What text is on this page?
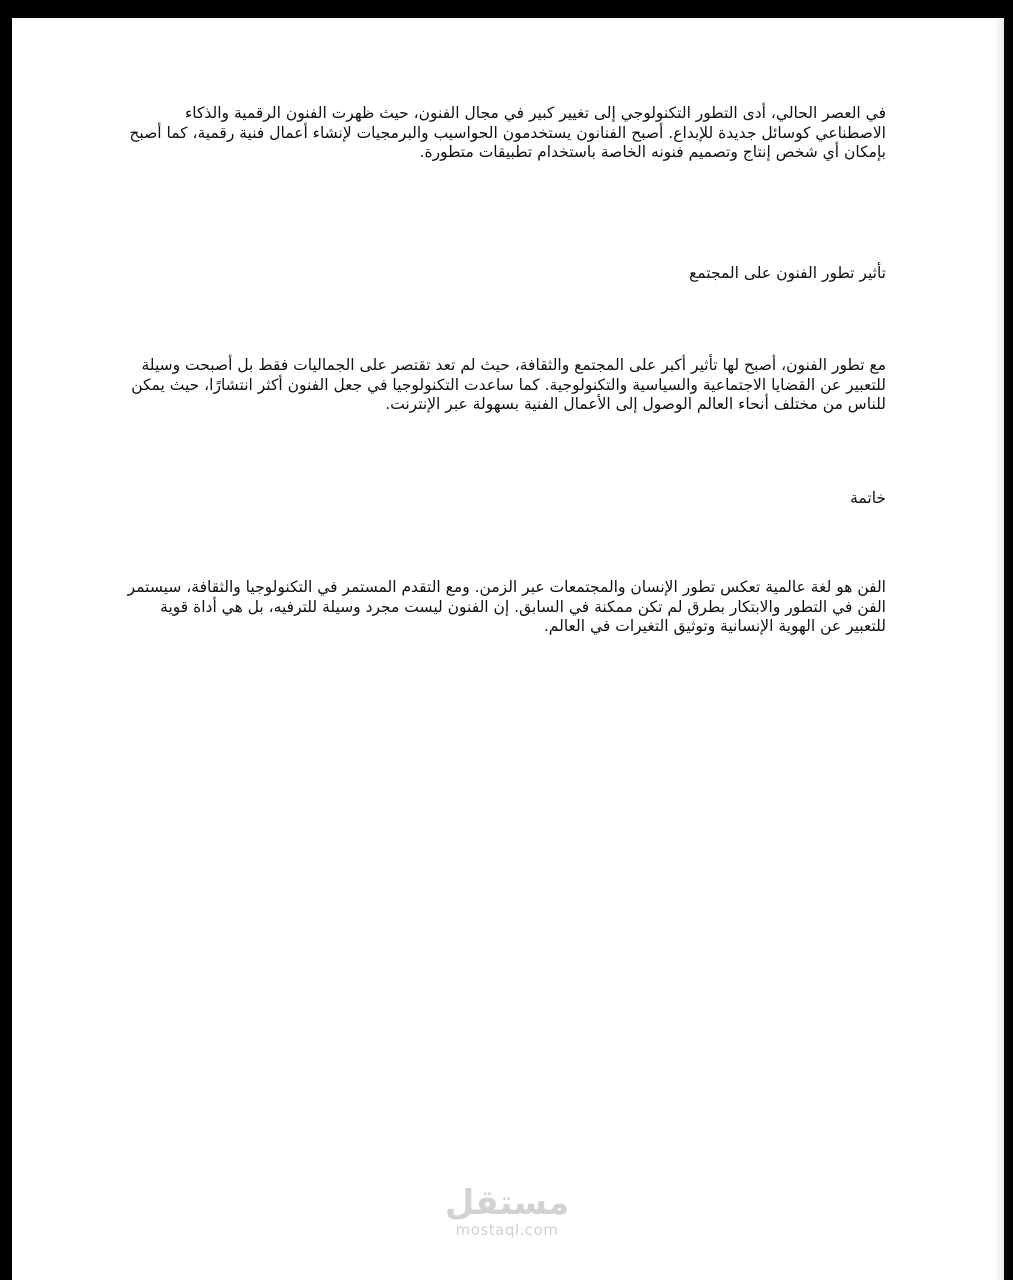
في العصر الحالي، أدى التطور التكنولوجي إلى تغيير كبير في مجال الفنون، حيث ظهرت الفنون الرقمية والذكاء الاصطناعي كوسائل جديدة للإبداع. أصبح الفنانون يستخدمون الحواسيب والبرمجيات لإنشاء أعمال فنية رقمية، كما أصبح بإمكان أي شخص إنتاج وتصميم فنونه الخاصة باستخدام تطبيقات متطورة.

تأثير تطور الفنون على المجتمع

مع تطور الفنون، أصبح لها تأثير أكبر على المجتمع والثقافة، حيث لم تعد تقتصر على الجماليات فقط بل أصبحت وسيلة للتعبير عن القضايا الاجتماعية والسياسية والتكنولوجية. كما ساعدت التكنولوجيا في جعل الفنون أكثر انتشارًا، حيث يمكن للناس من مختلف أنحاء العالم الوصول إلى الأعمال الفنية بسهولة عبر الإنترنت.

خاتمة

الفن هو لغة عالمية تعكس تطور الإنسان والمجتمعات عبر الزمن. ومع التقدم المستمر في التكنولوجيا والثقافة، سيستمر الفن في التطور والابتكار بطرق لم تكن ممكنة في السابق. إن الفنون ليست مجرد وسيلة للترفيه، بل هي أداة قوية للتعبير عن الهوية الإنسانية وتوثيق التغيرات في العالم.

مستقل
mostaql.com
